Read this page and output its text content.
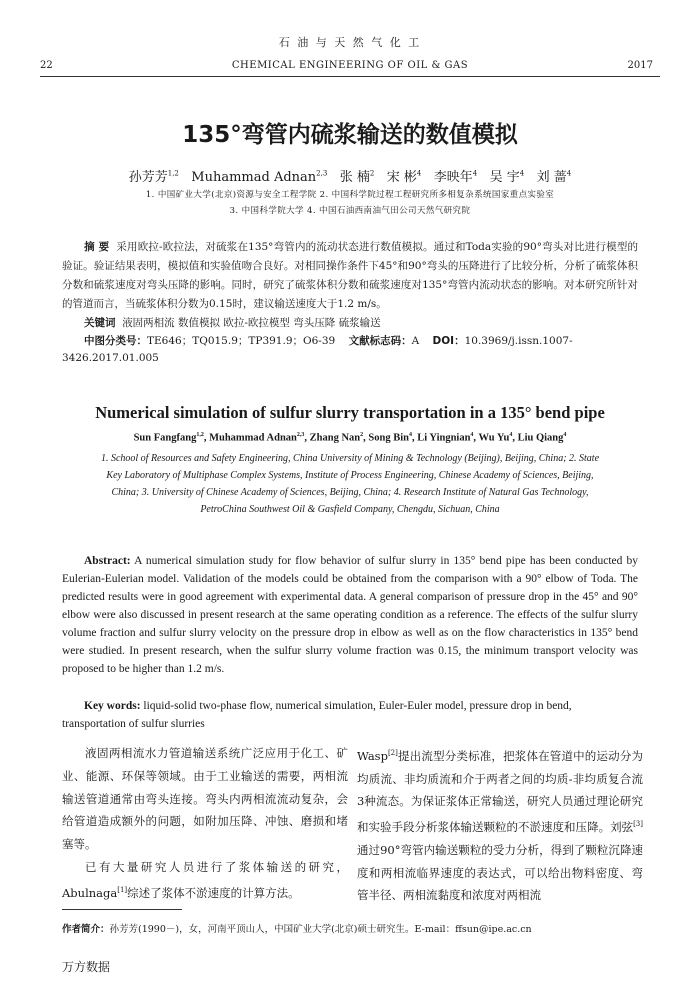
石 油 与 天 然 气 化 工
22	CHEMICAL ENGINEERING OF OIL & GAS	2017
135°弯管内硫浆输送的数值模拟
孙芳芳$^{1,2}$ Muhammad Adnan$^{2,3}$ 张 楠$^2$ 宋 彬$^4$ 李映年$^4$ 吴 宇$^4$ 刘 蔷$^4$
1. 中国矿业大学(北京)资源与安全工程学院 2. 中国科学院过程工程研究所多相复杂系统国家重点实验室
3. 中国科学院大学 4. 中国石油西南油气田公司天然气研究院
摘 要 采用欧拉-欧拉法，对硫浆在135°弯管内的流动状态进行数值模拟。通过和Toda实验的90°弯头对比进行模型的验证。验证结果表明，模拟值和实验值吻合良好。对相同操作条件下45°和90°弯头的压降进行了比较分析，分析了硫浆体积分数和硫浆速度对弯头压降的影响。同时，研究了硫浆体积分数和硫浆速度对135°弯管内流动状态的影响。对本研究所针对的管道而言，当硫浆体积分数为0.15时，建议输送速度大于1.2 m/s。
关键词 液固两相流 数值模拟 欧拉-欧拉模型 弯头压降 硫浆输送
中图分类号：TE646；TQ015.9；TP391.9；O6-39 文献标志码：A DOI：10.3969/j.issn.1007-
3426.2017.01.005
Numerical simulation of sulfur slurry transportation in a 135° bend pipe
Sun Fangfang$^{1,2}$, Muhammad Adnan$^{2,3}$, Zhang Nan$^2$, Song Bin$^4$, Li Yingnian$^4$, Wu Yu$^4$, Liu Qiang$^4$
1. School of Resources and Safety Engineering, China University of Mining & Technology (Beijing), Beijing, China; 2. State Key Laboratory of Multiphase Complex Systems, Institute of Process Engineering, Chinese Academy of Sciences, Beijing, China; 3. University of Chinese Academy of Sciences, Beijing, China; 4. Research Institute of Natural Gas Technology, PetroChina Southwest Oil & Gasfield Company, Chengdu, Sichuan, China
Abstract: A numerical simulation study for flow behavior of sulfur slurry in 135° bend pipe has been conducted by Eulerian-Eulerian model. Validation of the models could be obtained from the comparison with a 90° elbow of Toda. The predicted results were in good agreement with experimental data. A general comparison of pressure drop in the 45° and 90° elbow were also discussed in present research at the same operating condition as a reference. The effects of the sulfur slurry volume fraction and sulfur slurry velocity on the pressure drop in elbow as well as on the flow characteristics in 135° bend were studied. In present research, when the sulfur slurry volume fraction was 0.15, the minimum transport velocity was proposed to be higher than 1.2 m/s.
Key words: liquid-solid two-phase flow, numerical simulation, Euler-Euler model, pressure drop in bend, transportation of sulfur slurries

液固两相流水力管道输送系统广泛应用于化工、矿业、能源、环保等领域。由于工业输送的需要，两相流输送管道通常由弯头连接。弯头内两相流流动复杂，会给管道造成额外的问题，如附加压降、冲蚀、磨损和堵塞等。

已有大量研究人员进行了浆体输送的研究，Abulnaga[1]综述了浆体不淤速度的计算方法。

Wasp[2]提出流型分类标准，把浆体在管道中的运动分为均质流、非均质流和介于两者之间的均质-非均质复合流3种流态。为保证浆体正常输送，研究人员通过理论研究和实验手段分析浆体输送颗粒的不淤速度和压降。刘弦[3]通过90°弯管内输送颗粒的受力分析，得到了颗粒沉降速度和两相流临界速度的表达式，可以给出物料密度、弯管半径、两相流黏度和浓度对两相流

作者简介：孙芳芳(1990－)，女，河南平顶山人，中国矿业大学(北京)硕士研究生。E-mail：ffsun@ipe.ac.cn
万方数据
